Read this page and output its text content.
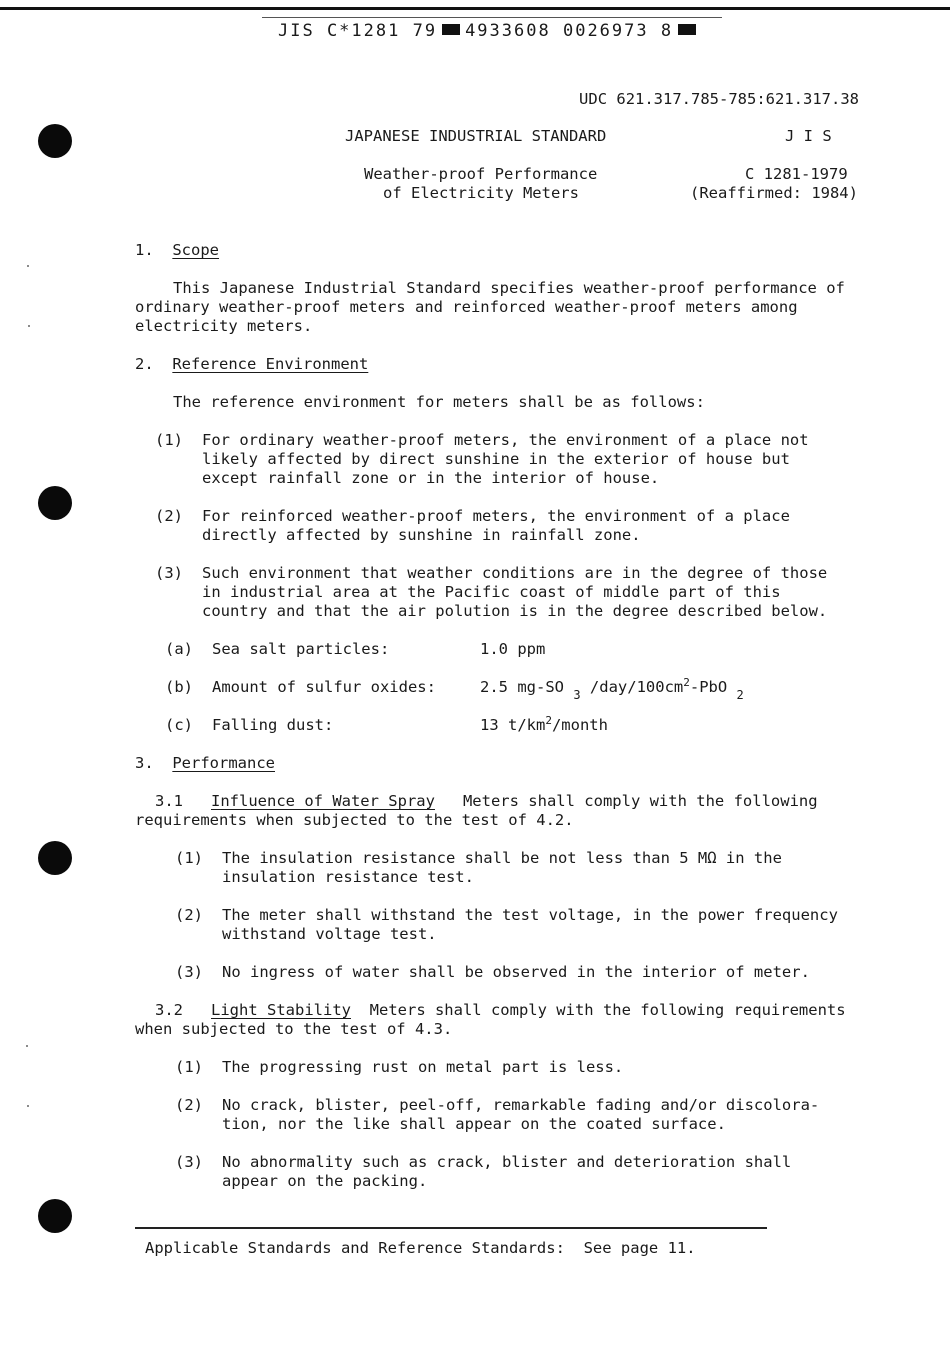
JIS C*1281 79 4933608 0026973 8
UDC 621.317.785-785:621.317.38
JAPANESE INDUSTRIAL STANDARD	J I S
Weather-proof Performance
of Electricity Meters
C 1281-1979
(Reaffirmed: 1984)
1. Scope
This Japanese Industrial Standard specifies weather-proof performance of
ordinary weather-proof meters and reinforced weather-proof meters among
electricity meters.
2. Reference Environment
The reference environment for meters shall be as follows:
(1) For ordinary weather-proof meters, the environment of a place not
likely affected by direct sunshine in the exterior of house but
except rainfall zone or in the interior of house.
(2) For reinforced weather-proof meters, the environment of a place
directly affected by sunshine in rainfall zone.
(3) Such environment that weather conditions are in the degree of those
in industrial area at the Pacific coast of middle part of this
country and that the air polution is in the degree described below.
(a) Sea salt particles:	1.0 ppm
(b) Amount of sulfur oxides:	2.5 mg-SO $_3$ $/day/100cm^2$-PbO $_2$
(c) Falling dust:	13 $t/km^2$/month
3. Performance
3.1 Influence of Water Spray Meters shall comply with the following
requirements when subjected to the test of 4.2.
(1) The insulation resistance shall be not less than 5 MΩ in the
insulation resistance test.
(2) The meter shall withstand the test voltage, in the power frequency
withstand voltage test.
(3) No ingress of water shall be observed in the interior of meter.
3.2 Light Stability Meters shall comply with the following requirements
when subjected to the test of 4.3.
(1) The progressing rust on metal part is less.
(2) No crack, blister, peel-off, remarkable fading and/or discolora-
tion, nor the like shall appear on the coated surface.
(3) No abnormality such as crack, blister and deterioration shall
appear on the packing.
Applicable Standards and Reference Standards:  See page 11.
